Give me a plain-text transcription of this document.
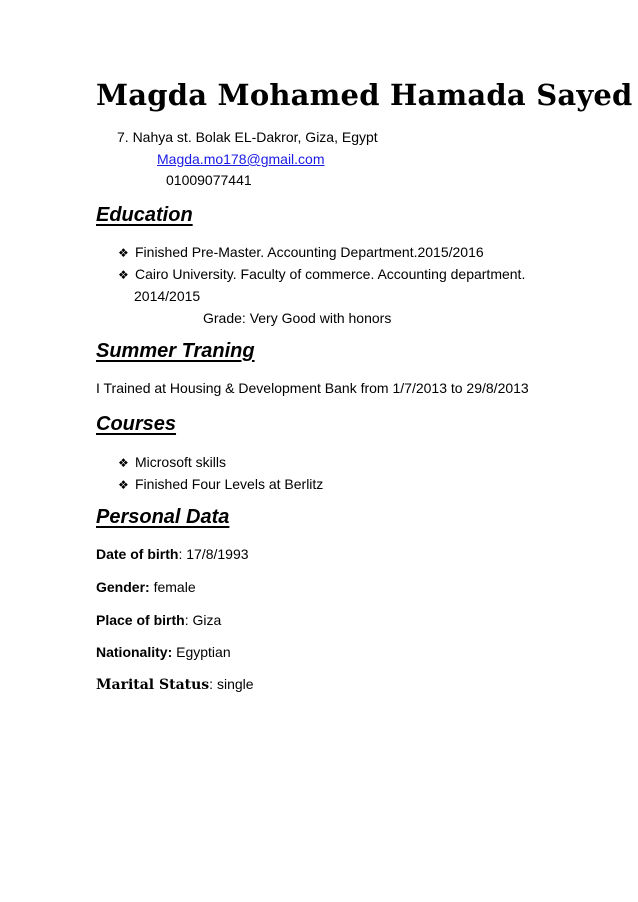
Magda Mohamed Hamada Sayed
7. Nahya st. Bolak EL-Dakror, Giza, Egypt
Magda.mo178@gmail.com
01009077441
Education
❖ Finished Pre-Master. Accounting Department.2015/2016
❖ Cairo University. Faculty of commerce. Accounting department.
2014/2015
Grade: Very Good with honors
Summer Traning
I Trained at Housing & Development Bank from 1/7/2013 to 29/8/2013
Courses
❖ Microsoft skills
❖ Finished Four Levels at Berlitz
Personal Data
Date of birth: 17/8/1993
Gender: female
Place of birth: Giza
Nationality: Egyptian
Marital Status: single
